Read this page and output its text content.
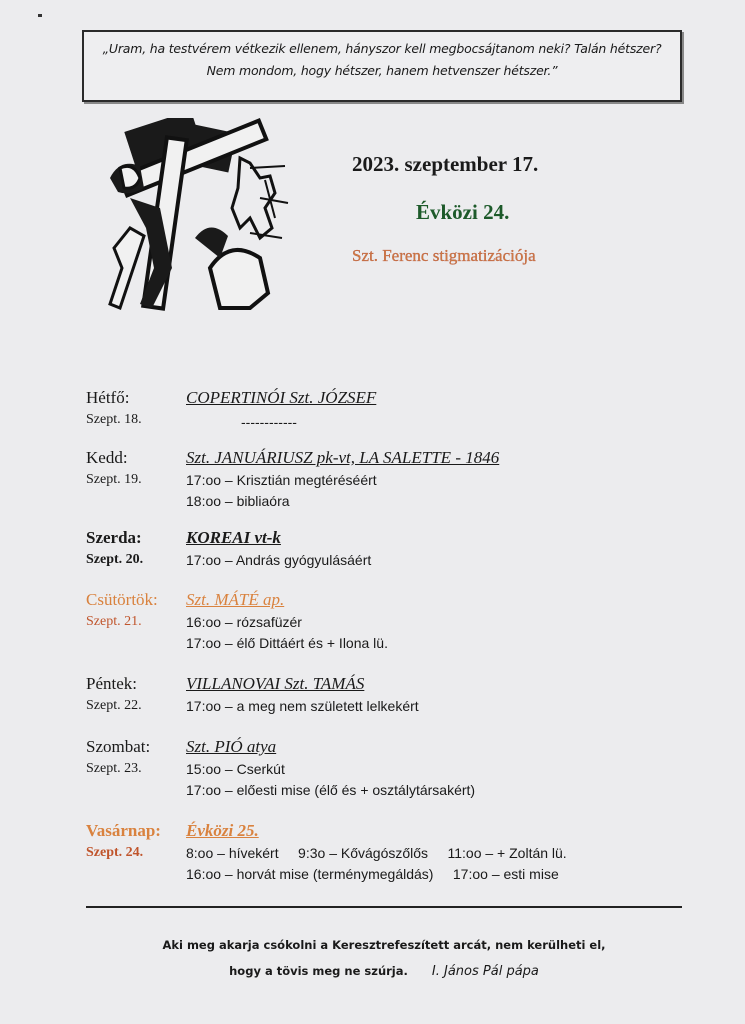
„Uram, ha testvérem vétkezik ellenem, hányszor kell megbocsájtanom neki? Talán hétszer?
Nem mondom, hogy hétszer, hanem hetvenszer hétszer.”
2023. szeptember 17.
Évközi 24.
Szt. Ferenc stigmatizációja
Hétfő:
Szept. 18.
COPERTINÓI Szt. JÓZSEF
------------
Kedd:
Szept. 19.
Szt. JANUÁRIUSZ pk-vt, LA SALETTE - 1846
17:oo – Krisztián megtéréséért
18:oo – bibliaóra
Szerda:
Szept. 20.
KOREAI vt-k
17:oo – András gyógyulásáért
Csütörtök:
Szept. 21.
Szt. MÁTÉ ap.
16:oo – rózsafüzér
17:oo – élő Dittáért és + Ilona lü.
Péntek:
Szept. 22.
VILLANOVAI Szt. TAMÁS
17:oo – a meg nem született lelkekért
Szombat:
Szept. 23.
Szt. PIÓ atya
15:oo – Cserkút
17:oo – előesti mise (élő és + osztálytársakért)
Vasárnap:
Szept. 24.
Évközi 25.
8:oo – hívekért     9:3o – Kővágószőlős     11:oo – + Zoltán lü.
16:oo – horvát mise (terménymegáldás)     17:oo – esti mise
Aki meg akarja csókolni a Keresztrefeszített arcát, nem kerülheti el,
hogy a tövis meg ne szúrja. I. János Pál pápa
